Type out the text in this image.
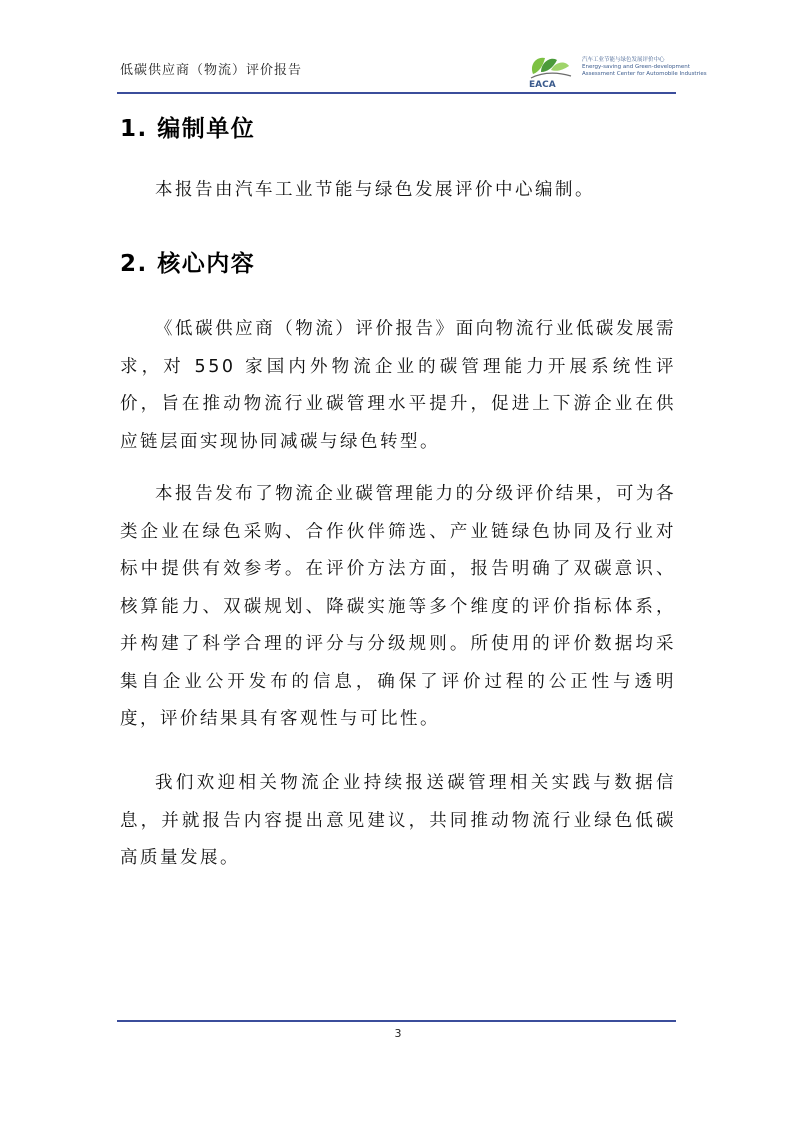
低碳供应商（物流）评价报告
EACA
汽车工业节能与绿色发展评价中心
Energy-saving and Green-development
Assessment Center for Automobile Industries
1. 编制单位

本报告由汽车工业节能与绿色发展评价中心编制。

2. 核心内容

《低碳供应商（物流）评价报告》面向物流行业低碳发展需求，对 550 家国内外物流企业的碳管理能力开展系统性评价，旨在推动物流行业碳管理水平提升，促进上下游企业在供应链层面实现协同减碳与绿色转型。

本报告发布了物流企业碳管理能力的分级评价结果，可为各类企业在绿色采购、合作伙伴筛选、产业链绿色协同及行业对标中提供有效参考。在评价方法方面，报告明确了双碳意识、核算能力、双碳规划、降碳实施等多个维度的评价指标体系，并构建了科学合理的评分与分级规则。所使用的评价数据均采集自企业公开发布的信息，确保了评价过程的公正性与透明度，评价结果具有客观性与可比性。

我们欢迎相关物流企业持续报送碳管理相关实践与数据信息，并就报告内容提出意见建议，共同推动物流行业绿色低碳高质量发展。

3
